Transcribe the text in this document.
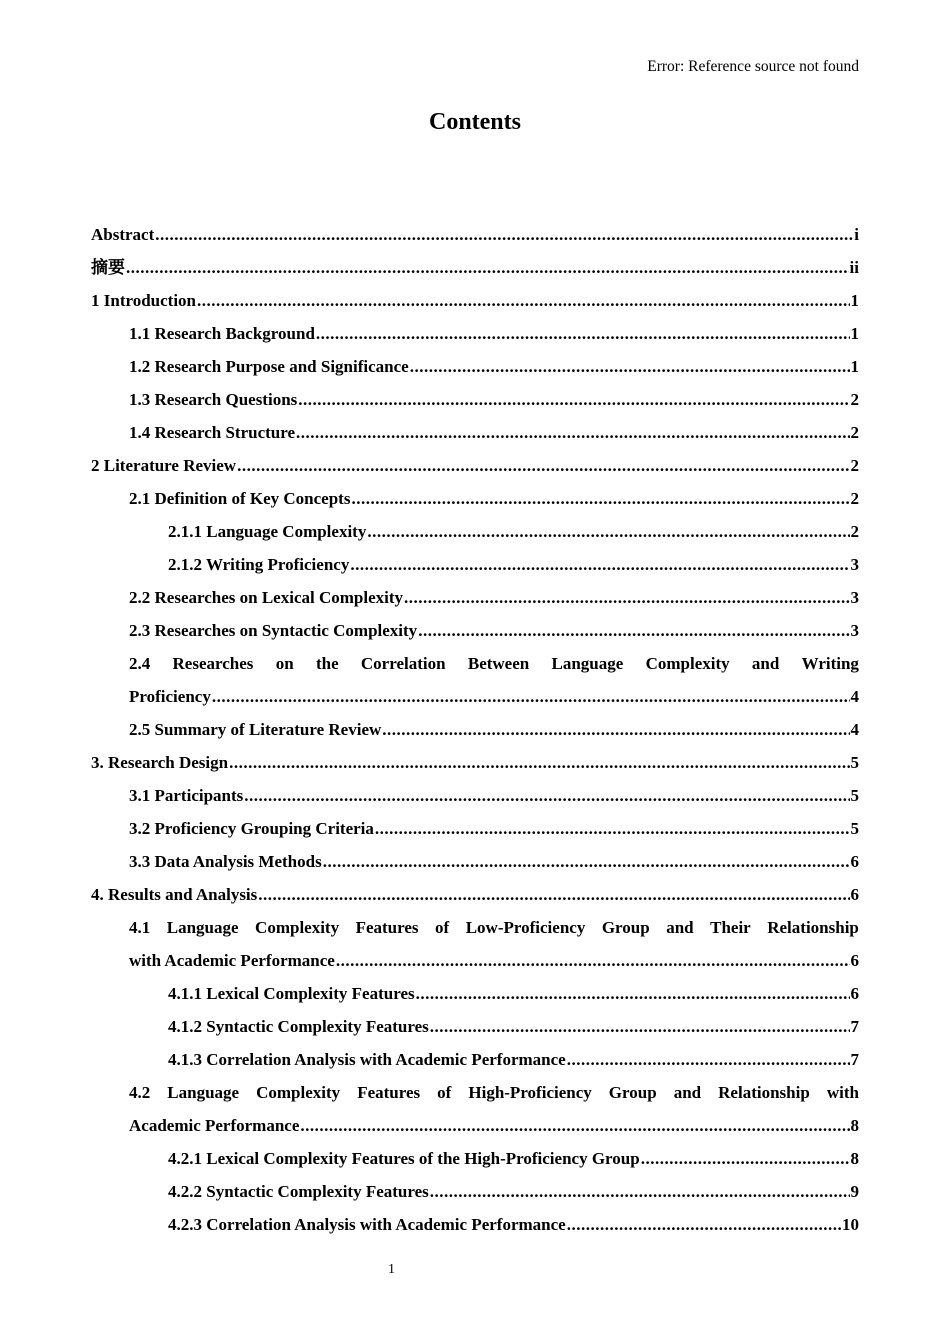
Error: Reference source not found
Contents
Abstract .....	i
摘要 .....	ii
1 Introduction .....	1
1.1 Research Background .....	1
1.2 Research Purpose and Significance .....	1
1.3 Research Questions .....	2
1.4 Research Structure .....	2
2 Literature Review .....	2
2.1 Definition of Key Concepts .....	2
2.1.1 Language Complexity .....	2
2.1.2 Writing Proficiency .....	3
2.2 Researches on Lexical Complexity .....	3
2.3 Researches on Syntactic Complexity .....	3
2.4 Researches on the Correlation Between Language Complexity and Writing
Proficiency .....	4
2.5 Summary of Literature Review .....	4
3. Research Design .....	5
3.1 Participants .....	5
3.2 Proficiency Grouping Criteria .....	5
3.3 Data Analysis Methods .....	6
4. Results and Analysis .....	6
4.1 Language Complexity Features of Low-Proficiency Group and Their Relationship
with Academic Performance .....	6
4.1.1 Lexical Complexity Features .....	6
4.1.2 Syntactic Complexity Features .....	7
4.1.3 Correlation Analysis with Academic Performance .....	7
4.2 Language Complexity Features of High-Proficiency Group and Relationship with
Academic Performance .....	8
4.2.1 Lexical Complexity Features of the High-Proficiency Group .....	8
4.2.2 Syntactic Complexity Features .....	9
4.2.3 Correlation Analysis with Academic Performance .....	10
1
